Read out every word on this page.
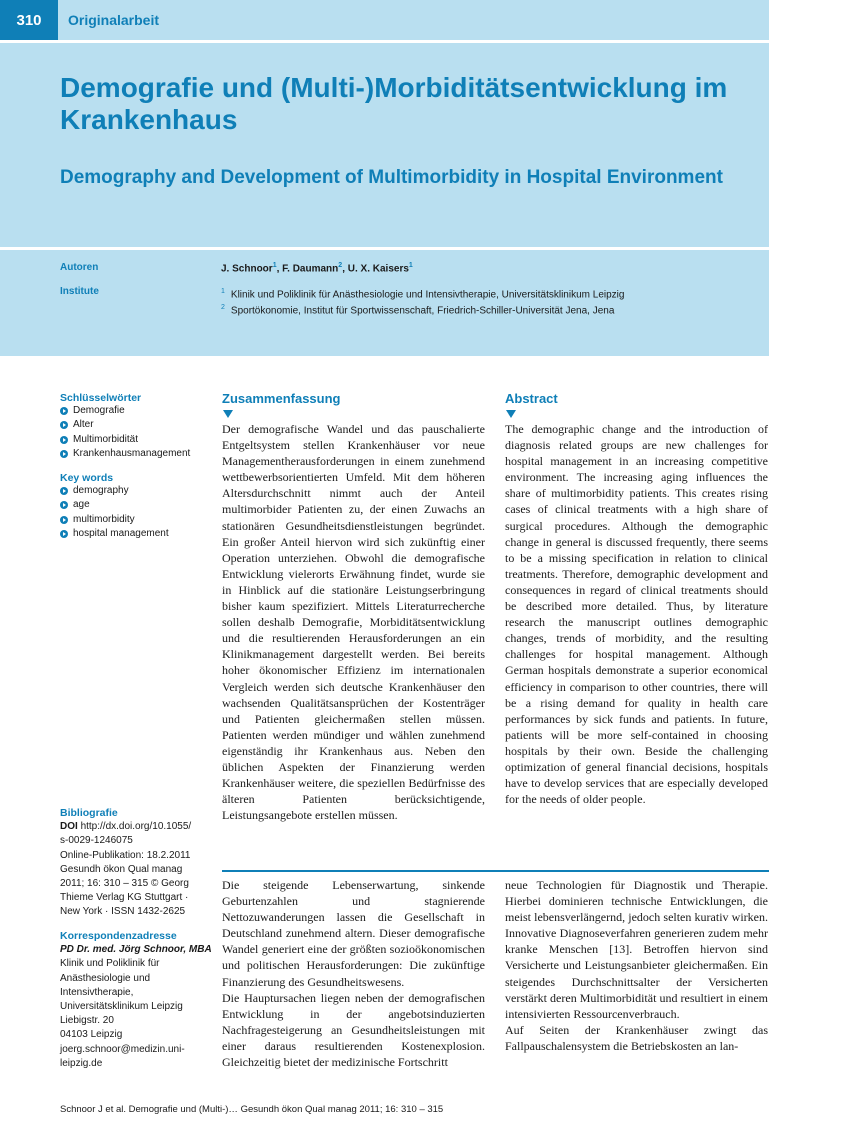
310	Originalarbeit
Demografie und (Multi-)Morbiditätsentwicklung im Krankenhaus
Demography and Development of Multimorbidity in Hospital Environment
Autoren	J. Schnoor$^1$, F. Daumann$^2$, U. X. Kaisers$^1$
Institute	$^1$ Klinik und Poliklinik für Anästhesiologie und Intensivtherapie, Universitätsklinikum Leipzig
$^2$ Sportökonomie, Institut für Sportwissenschaft, Friedrich-Schiller-Universität Jena, Jena
Schlüsselwörter
Demografie
Alter
Multimorbidität
Krankenhausmanagement
Key words
demography
age
multimorbidity
hospital management
Bibliografie
DOI http://dx.doi.org/10.1055/
s-0029-1246075
Online-Publikation: 18.2.2011
Gesundh ökon Qual manag
2011; 16: 310 – 315 © Georg
Thieme Verlag KG Stuttgart ·
New York · ISSN 1432-2625
Korrespondenzadresse
PD Dr. med. Jörg Schnoor, MBA
Klinik und Poliklinik für
Anästhesiologie und
Intensivtherapie,
Universitätsklinikum Leipzig
Liebigstr. 20
04103 Leipzig
joerg.schnoor@medizin.uni-
leipzig.de
Zusammenfassung

Der demografische Wandel und das pauschalierte Entgeltsystem stellen Krankenhäuser vor neue Managementherausforderungen in einem zunehmend wettbewerbsorientierten Umfeld. Mit dem höheren Altersdurchschnitt nimmt auch der Anteil multimorbider Patienten zu, der einen Zuwachs an stationären Gesundheitsdienstleistungen begründet. Ein großer Anteil hiervon wird sich zukünftig einer Operation unterziehen. Obwohl die demografische Entwicklung vielerorts Erwähnung findet, wurde sie in Hinblick auf die stationäre Leistungserbringung bisher kaum spezifiziert. Mittels Literaturrecherche sollen deshalb Demografie, Morbiditätsentwicklung und die resultierenden Herausforderungen an ein Klinikmanagement dargestellt werden. Bei bereits hoher ökonomischer Effizienz im internationalen Vergleich werden sich deutsche Krankenhäuser den wachsenden Qualitätsansprüchen der Kostenträger und Patienten gleichermaßen stellen müssen. Patienten werden mündiger und wählen zunehmend eigenständig ihr Krankenhaus aus. Neben den üblichen Aspekten der Finanzierung werden Krankenhäuser weitere, die speziellen Bedürfnisse des älteren Patienten berücksichtigende, Leistungsangebote erstellen müssen.

Abstract

The demographic change and the introduction of diagnosis related groups are new challenges for hospital management in an increasing competitive environment. The increasing aging influences the share of multimorbidity patients. This creates rising cases of clinical treatments with a high share of surgical procedures. Although the demographic change in general is discussed frequently, there seems to be a missing specification in relation to clinical treatments. Therefore, demographic development and consequences in regard of clinical treatments should be described more detailed. Thus, by literature research the manuscript outlines demographic changes, trends of morbidity, and the resulting challenges for hospital management. Although German hospitals demonstrate a superior economical efficiency in comparison to other countries, there will be a rising demand for quality in health care performances by sick funds and patients. In future, patients will be more self-contained in choosing hospitals by their own. Beside the challenging optimization of general financial decisions, hospitals have to develop services that are especially developed for the needs of older people.

Die steigende Lebenserwartung, sinkende Geburtenzahlen und stagnierende Nettozuwanderungen lassen die Gesellschaft in Deutschland zunehmend altern. Dieser demografische Wandel generiert eine der größten sozioökonomischen und politischen Herausforderungen: Die zukünftige Finanzierung des Gesundheitswesens.

Die Hauptursachen liegen neben der demografischen Entwicklung in der angebotsinduzierten Nachfragesteigerung an Gesundheitsleistungen mit einer daraus resultierenden Kostenexplosion. Gleichzeitig bietet der medizinische Fortschritt

neue Technologien für Diagnostik und Therapie. Hierbei dominieren technische Entwicklungen, die meist lebensverlängernd, jedoch selten kurativ wirken. Innovative Diagnoseverfahren generieren zudem mehr kranke Menschen [13]. Betroffen hiervon sind Versicherte und Leistungsanbieter gleichermaßen. Ein steigendes Durchschnittsalter der Versicherten verstärkt deren Multimorbidität und resultiert in einem intensivierten Ressourcenverbrauch.

Auf Seiten der Krankenhäuser zwingt das Fallpauschalensystem die Betriebskosten an lan-

Schnoor J et al. Demografie und (Multi-)… Gesundh ökon Qual manag 2011; 16: 310 – 315
